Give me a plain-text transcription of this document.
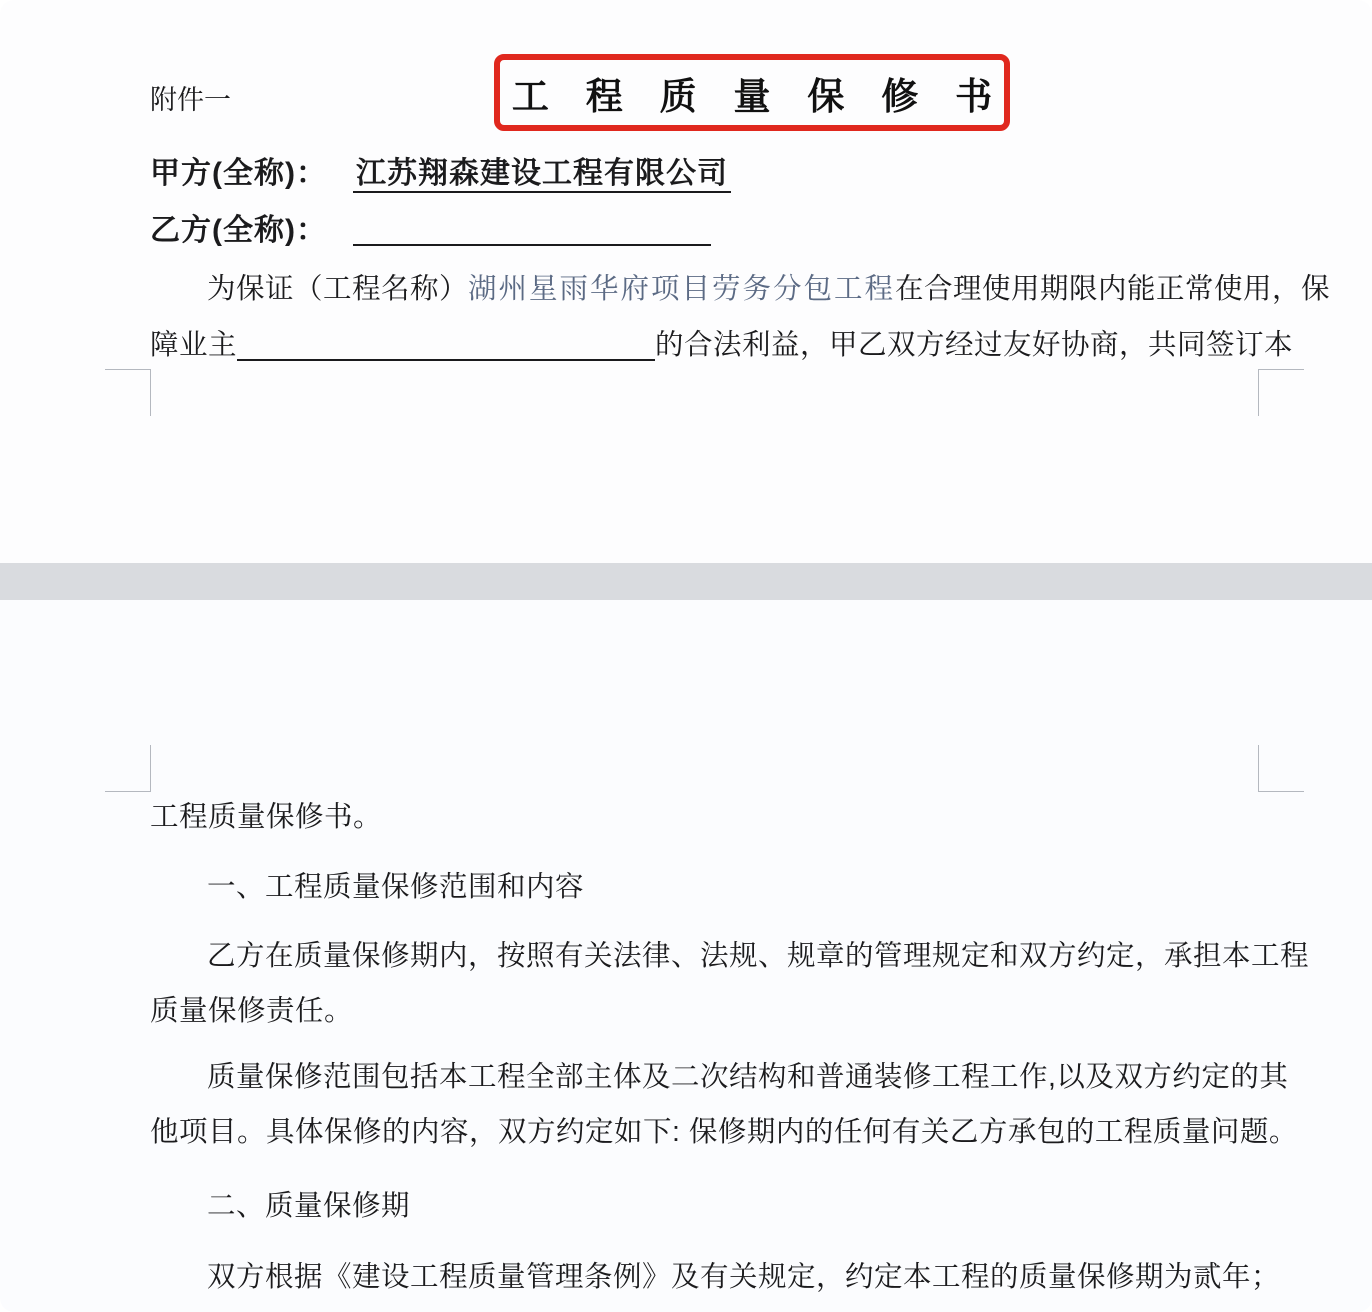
附件一	工 程 质 量 保 修 书
甲方(全称)： 江苏翔森建设工程有限公司
乙方(全称)：
为保证（工程名称）湖州星雨华府项目劳务分包工程在合理使用期限内能正常使用，保
障业主	的合法利益，甲乙双方经过友好协商，共同签订本
工程质量保修书。
一、工程质量保修范围和内容
乙方在质量保修期内，按照有关法律、法规、规章的管理规定和双方约定，承担本工程
质量保修责任。
质量保修范围包括本工程全部主体及二次结构和普通装修工程工作,以及双方约定的其
他项目。具体保修的内容，双方约定如下: 保修期内的任何有关乙方承包的工程质量问题。
二、质量保修期
双方根据《建设工程质量管理条例》及有关规定，约定本工程的质量保修期为贰年；
